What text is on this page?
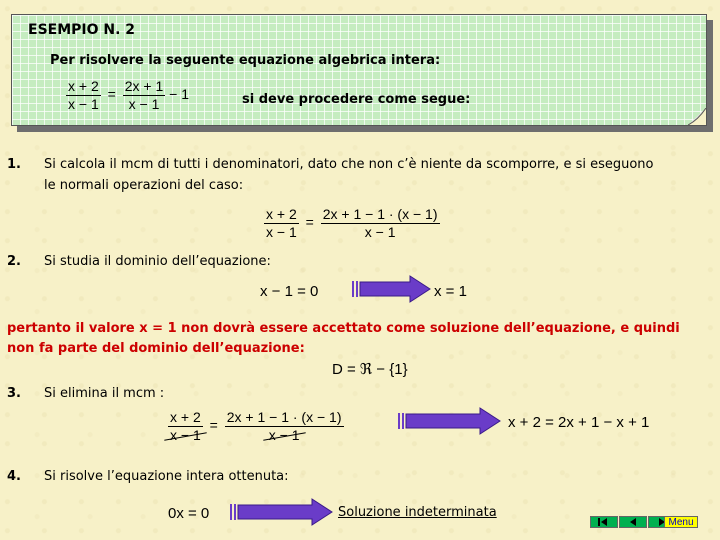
ESEMPIO N. 2
Per risolvere la seguente equazione algebrica intera:
$\frac{x + 2}{x - 1} = \frac{2x + 1}{x - 1} - 1$	si deve procedere come segue:
1. Si calcola il mcm di tutti i denominatori, dato che non c’è niente da scomporre, e si eseguono
le normali operazioni del caso:
$\frac{x + 2}{x - 1} = \frac{2x + 1 - 1 \cdot (x - 1)}{x - 1}$
2. Si studia il dominio dell’equazione:
x − 1 = 0	x = 1
pertanto il valore x = 1 non dovrà essere accettato come soluzione dell’equazione, e quindi
non fa parte del dominio dell’equazione:
D = ℜ − {1}
3. Si elimina il mcm :
$\frac{x + 2}{x - 1} = \frac{2x + 1 - 1 \cdot (x - 1)}{x - 1}$	x + 2 = 2x + 1 − x + 1
4. Si risolve l’equazione intera ottenuta:
0x = 0	Soluzione indeterminata
Menu
